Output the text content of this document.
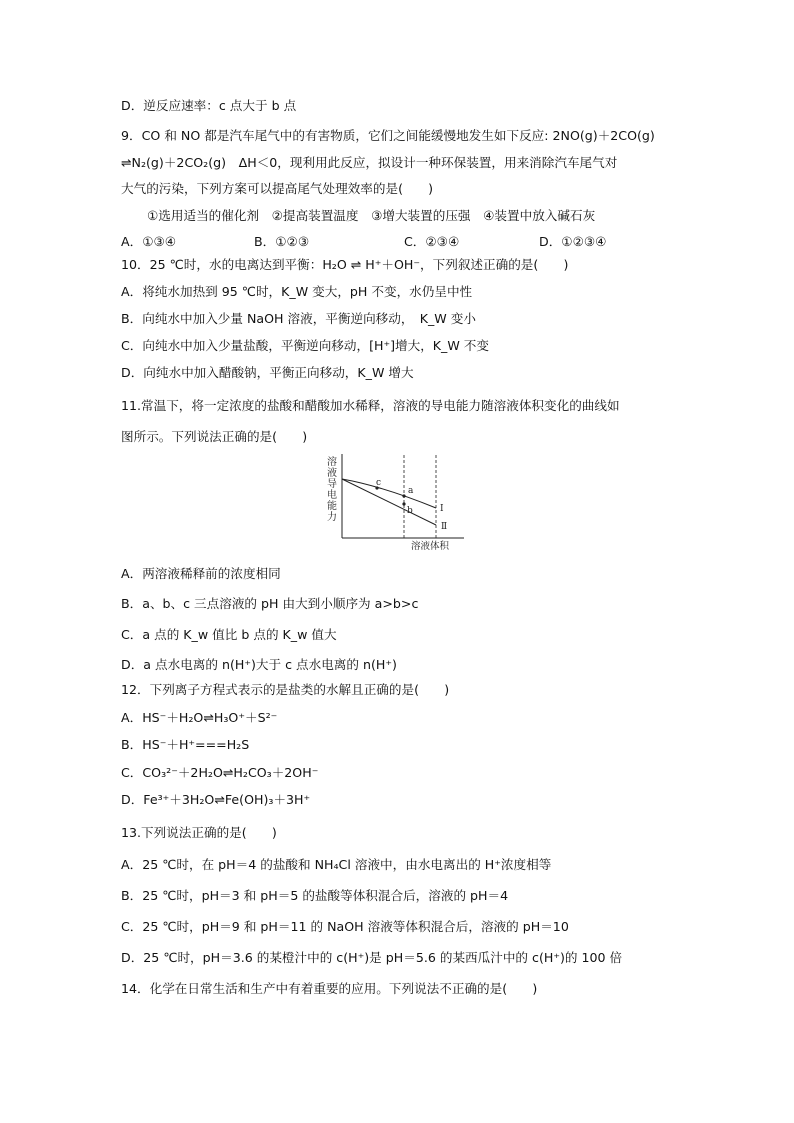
D．逆反应速率：c 点大于 b 点
9．CO 和 NO 都是汽车尾气中的有害物质，它们之间能缓慢地发生如下反应: 2NO(g)＋2CO(g)
⇌N₂(g)＋2CO₂(g)　ΔH＜0，现利用此反应，拟设计一种环保装置，用来消除汽车尾气对
大气的污染，下列方案可以提高尾气处理效率的是(　　)
①选用适当的催化剂　②提高装置温度　③增大装置的压强　④装置中放入碱石灰
A．①③④	B．①②③	C．②③④	D．①②③④
10．25 ℃时，水的电离达到平衡：H₂O ⇌ H⁺＋OH⁻，下列叙述正确的是(　　)
A．将纯水加热到 95 ℃时，K_W 变大，pH 不变，水仍呈中性
B．向纯水中加入少量 NaOH 溶液，平衡逆向移动，　K_W 变小
C．向纯水中加入少量盐酸，平衡逆向移动，[H⁺]增大，K_W 不变
D．向纯水中加入醋酸钠，平衡正向移动，K_W 增大
11.常温下，将一定浓度的盐酸和醋酸加水稀释，溶液的导电能力随溶液体积变化的曲线如
图所示。下列说法正确的是(　　)
溶
液
导
电
能
力
c
a
b	Ⅰ
Ⅱ
溶液体积
A．两溶液稀释前的浓度相同
B．a、b、c 三点溶液的 pH 由大到小顺序为 a>b>c
C．a 点的 K_w 值比 b 点的 K_w 值大
D．a 点水电离的 n(H⁺)大于 c 点水电离的 n(H⁺)
12．下列离子方程式表示的是盐类的水解且正确的是(　　)
A．HS⁻＋H₂O⇌H₃O⁺＋S²⁻
B．HS⁻＋H⁺===H₂S
C．CO₃²⁻＋2H₂O⇌H₂CO₃＋2OH⁻
D．Fe³⁺＋3H₂O⇌Fe(OH)₃＋3H⁺
13.下列说法正确的是(　　)
A．25 ℃时，在 pH＝4 的盐酸和 NH₄Cl 溶液中，由水电离出的 H⁺浓度相等
B．25 ℃时，pH＝3 和 pH＝5 的盐酸等体积混合后，溶液的 pH＝4
C．25 ℃时，pH＝9 和 pH＝11 的 NaOH 溶液等体积混合后，溶液的 pH＝10
D．25 ℃时，pH＝3.6 的某橙汁中的 c(H⁺)是 pH＝5.6 的某西瓜汁中的 c(H⁺)的 100 倍
14．化学在日常生活和生产中有着重要的应用。下列说法不正确的是(　　)
